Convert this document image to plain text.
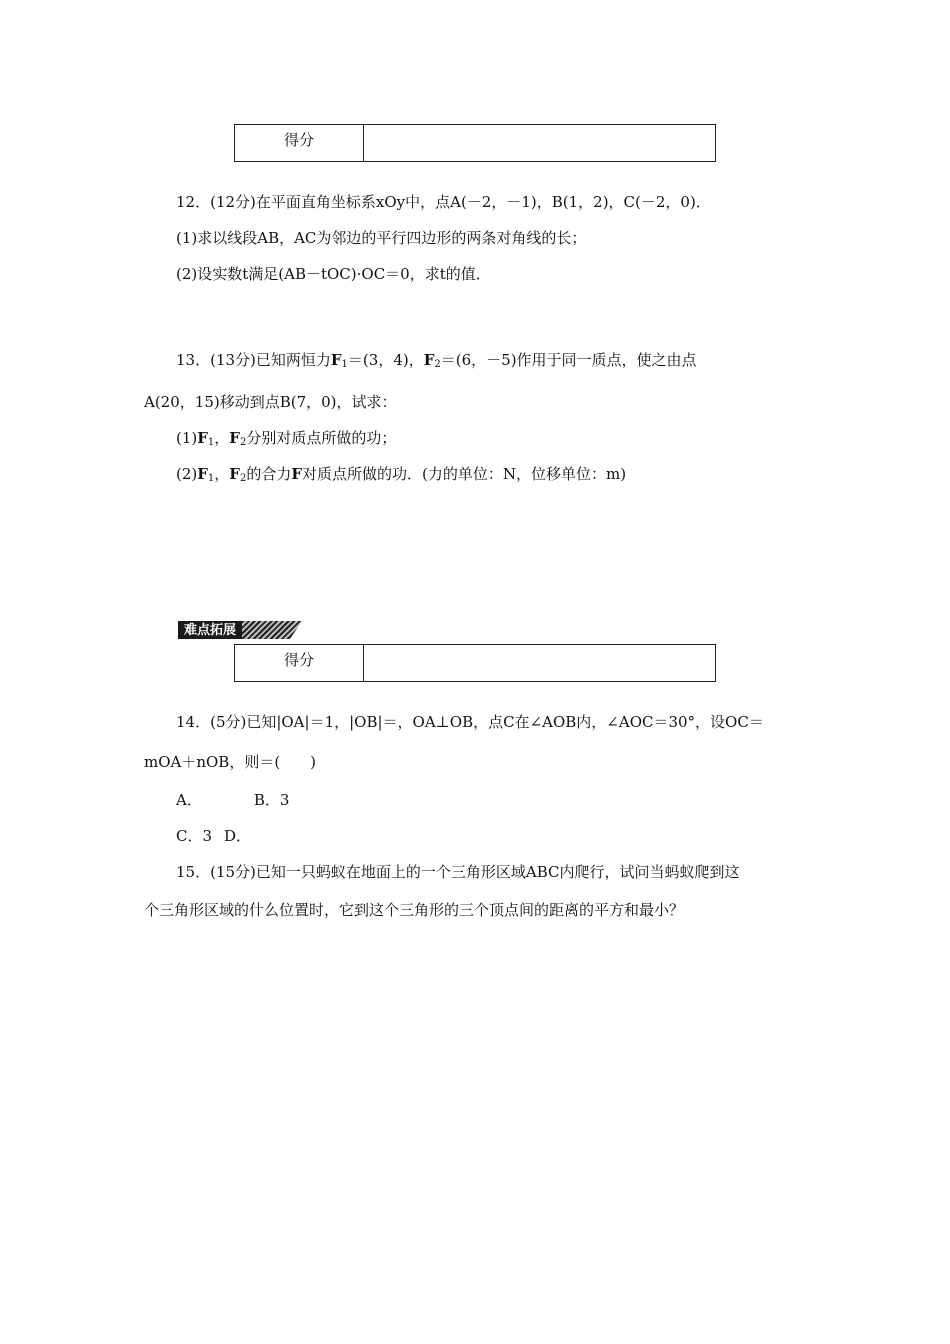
得分
12．(12分)在平面直角坐标系xOy中，点A(－2，－1)，B(1，2)，C(－2，0)．
(1)求以线段AB，AC为邻边的平行四边形的两条对角线的长；
(2)设实数t满足(AB－tOC)·OC＝0，求t的值．
13．(13分)已知两恒力$F_1=(3$，4)，$F_2=(6$，－5)作用于同一质点，使之由点
A(20，15)移动到点B(7，0)，试求：
$(1)F_1$，$F_2$分别对质点所做的功；
$(2)F_1$，$F_2$的合力F对质点所做的功．(力的单位：N，位移单位：m)
难点拓展
得分
14．(5分)已知|OA|＝1，|OB|＝，OA⊥OB，点C在∠AOB内，∠AOC＝30°，设OC＝
mOA＋nOB，则＝(　　)
A．	B．3
C．3 D．
15．(15分)已知一只蚂蚁在地面上的一个三角形区域ABC内爬行，试问当蚂蚁爬到这
个三角形区域的什么位置时，它到这个三角形的三个顶点间的距离的平方和最小？
